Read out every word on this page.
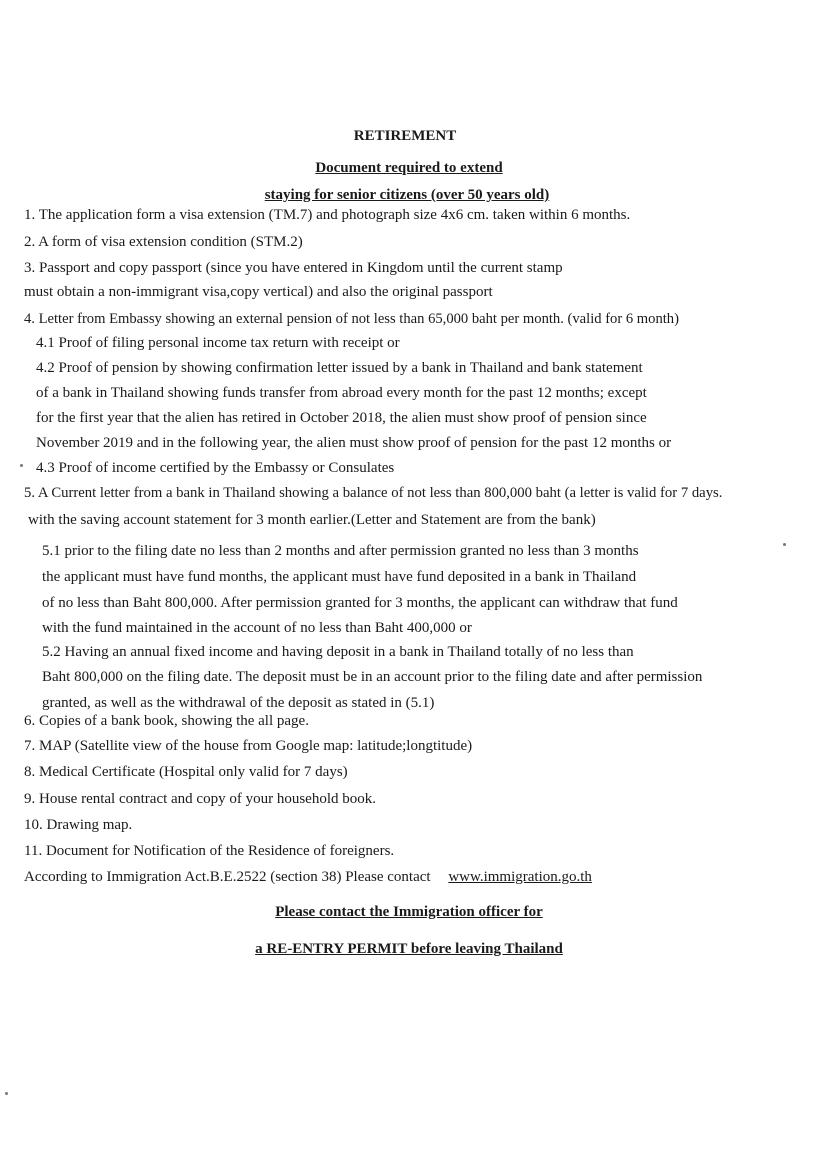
RETIREMENT
Document required to extend
staying for senior citizens (over 50 years old)
1. The application form a visa extension (TM.7) and photograph size 4x6 cm. taken within 6 months.
2. A form of visa extension condition (STM.2)
3. Passport and copy passport (since you have entered in Kingdom until the current stamp
must obtain a non-immigrant visa,copy vertical) and also the original passport
4. Letter from Embassy showing an external pension of not less than 65,000 baht per month. (valid for 6 month)
4.1 Proof of filing personal income tax return with receipt or
4.2 Proof of pension by showing confirmation letter issued by a bank in Thailand and bank statement
of a bank in Thailand showing funds transfer from abroad every month for the past 12 months; except
for the first year that the alien has retired in October 2018, the alien must show proof of pension since
November 2019 and in the following year, the alien must show proof of pension for the past 12 months or
4.3 Proof of income certified by the Embassy or Consulates
5. A Current letter from a bank in Thailand showing a balance of not less than 800,000 baht (a letter is valid for 7 days.
with the saving account statement for 3 month earlier.(Letter and Statement are from the bank)
5.1 prior to the filing date no less than 2 months and after permission granted no less than 3 months
the applicant must have fund months, the applicant must have fund deposited in a bank in Thailand
of no less than Baht 800,000. After permission granted for 3 months, the applicant can withdraw that fund
with the fund maintained in the account of no less than Baht 400,000 or
5.2 Having an annual fixed income and having deposit in a bank in Thailand totally of no less than
Baht 800,000 on the filing date. The deposit must be in an account prior to the filing date and after permission
granted, as well as the withdrawal of the deposit as stated in (5.1)
6. Copies of a bank book, showing the all page.
7. MAP (Satellite view of the house from Google map: latitude;longtitude)
8. Medical Certificate (Hospital only valid for 7 days)
9. House rental contract and copy of your household book.
10. Drawing map.
11. Document for Notification of the Residence of foreigners.
According to Immigration Act.B.E.2522 (section 38) Please contact www.immigration.go.th
Please contact the Immigration officer for
a RE-ENTRY PERMIT before leaving Thailand
